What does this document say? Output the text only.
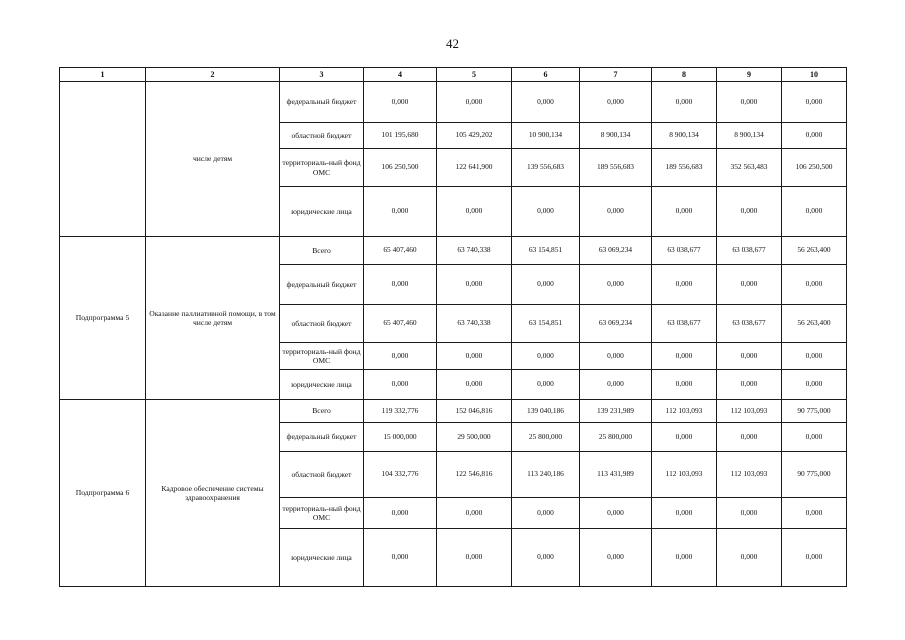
42
1	2	3	4	5	6	7	8	9	10
	числе детям	федеральный бюджет	0,000	0,000	0,000	0,000	0,000	0,000	0,000
		областной бюджет	101 195,680	105 429,202	10 900,134	8 900,134	8 900,134	8 900,134	0,000
		территориаль-ный фонд ОМС	106 250,500	122 641,900	139 556,683	189 556,683	189 556,683	352 563,483	106 250,500
		юридические лица	0,000	0,000	0,000	0,000	0,000	0,000	0,000
Подпрограмма 5	Оказание паллиативной помощи, в том числе детям	Всего	65 407,460	63 740,338	63 154,851	63 069,234	63 038,677	63 038,677	56 263,400
		федеральный бюджет	0,000	0,000	0,000	0,000	0,000	0,000	0,000
		областной бюджет	65 407,460	63 740,338	63 154,851	63 069,234	63 038,677	63 038,677	56 263,400
		территориаль-ный фонд ОМС	0,000	0,000	0,000	0,000	0,000	0,000	0,000
		юридические лица	0,000	0,000	0,000	0,000	0,000	0,000	0,000
Подпрограмма 6	Кадровое обеспечение системы здравоохранения	Всего	119 332,776	152 046,816	139 040,186	139 231,989	112 103,093	112 103,093	90 775,000
		федеральный бюджет	15 000,000	29 500,000	25 800,000	25 800,000	0,000	0,000	0,000
		областной бюджет	104 332,776	122 546,816	113 240,186	113 431,989	112 103,093	112 103,093	90 775,000
		территориаль-ный фонд ОМС	0,000	0,000	0,000	0,000	0,000	0,000	0,000
		юридические лица	0,000	0,000	0,000	0,000	0,000	0,000	0,000
